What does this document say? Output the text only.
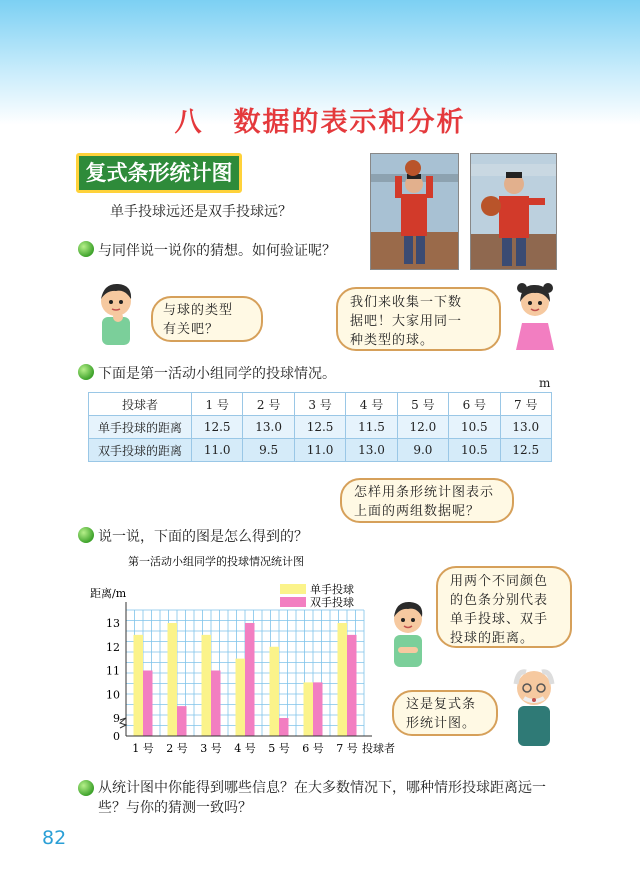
八 数据的表示和分析
复式条形统计图
单手投球远还是双手投球远？
与同伴说一说你的猜想。如何验证呢？
与球的类型
有关吧？
我们来收集一下数
据吧！大家用同一
种类型的球。
下面是第一活动小组同学的投球情况。
m
投球者	1 号	2 号	3 号	4 号	5 号	6 号	7 号
单手投球的距离	12.5	13.0	12.5	11.5	12.0	10.5	13.0
双手投球的距离	11.0	9.5	11.0	13.0	9.0	10.5	12.5
怎样用条形统计图表示
上面的两组数据呢？
说一说，下面的图是怎么得到的？
第一活动小组同学的投球情况统计图
距离/m	单手投球
双手投球
0
9
10
11
12
13
1 号 2 号 3 号 4 号 5 号 6 号 7 号 投球者
用两个不同颜色
的色条分别代表
单手投球、双手
投球的距离。
这是复式条
形统计图。
从统计图中你能得到哪些信息？在大多数情况下，哪种情形投球距离远一
些？与你的猜测一致吗？
82
